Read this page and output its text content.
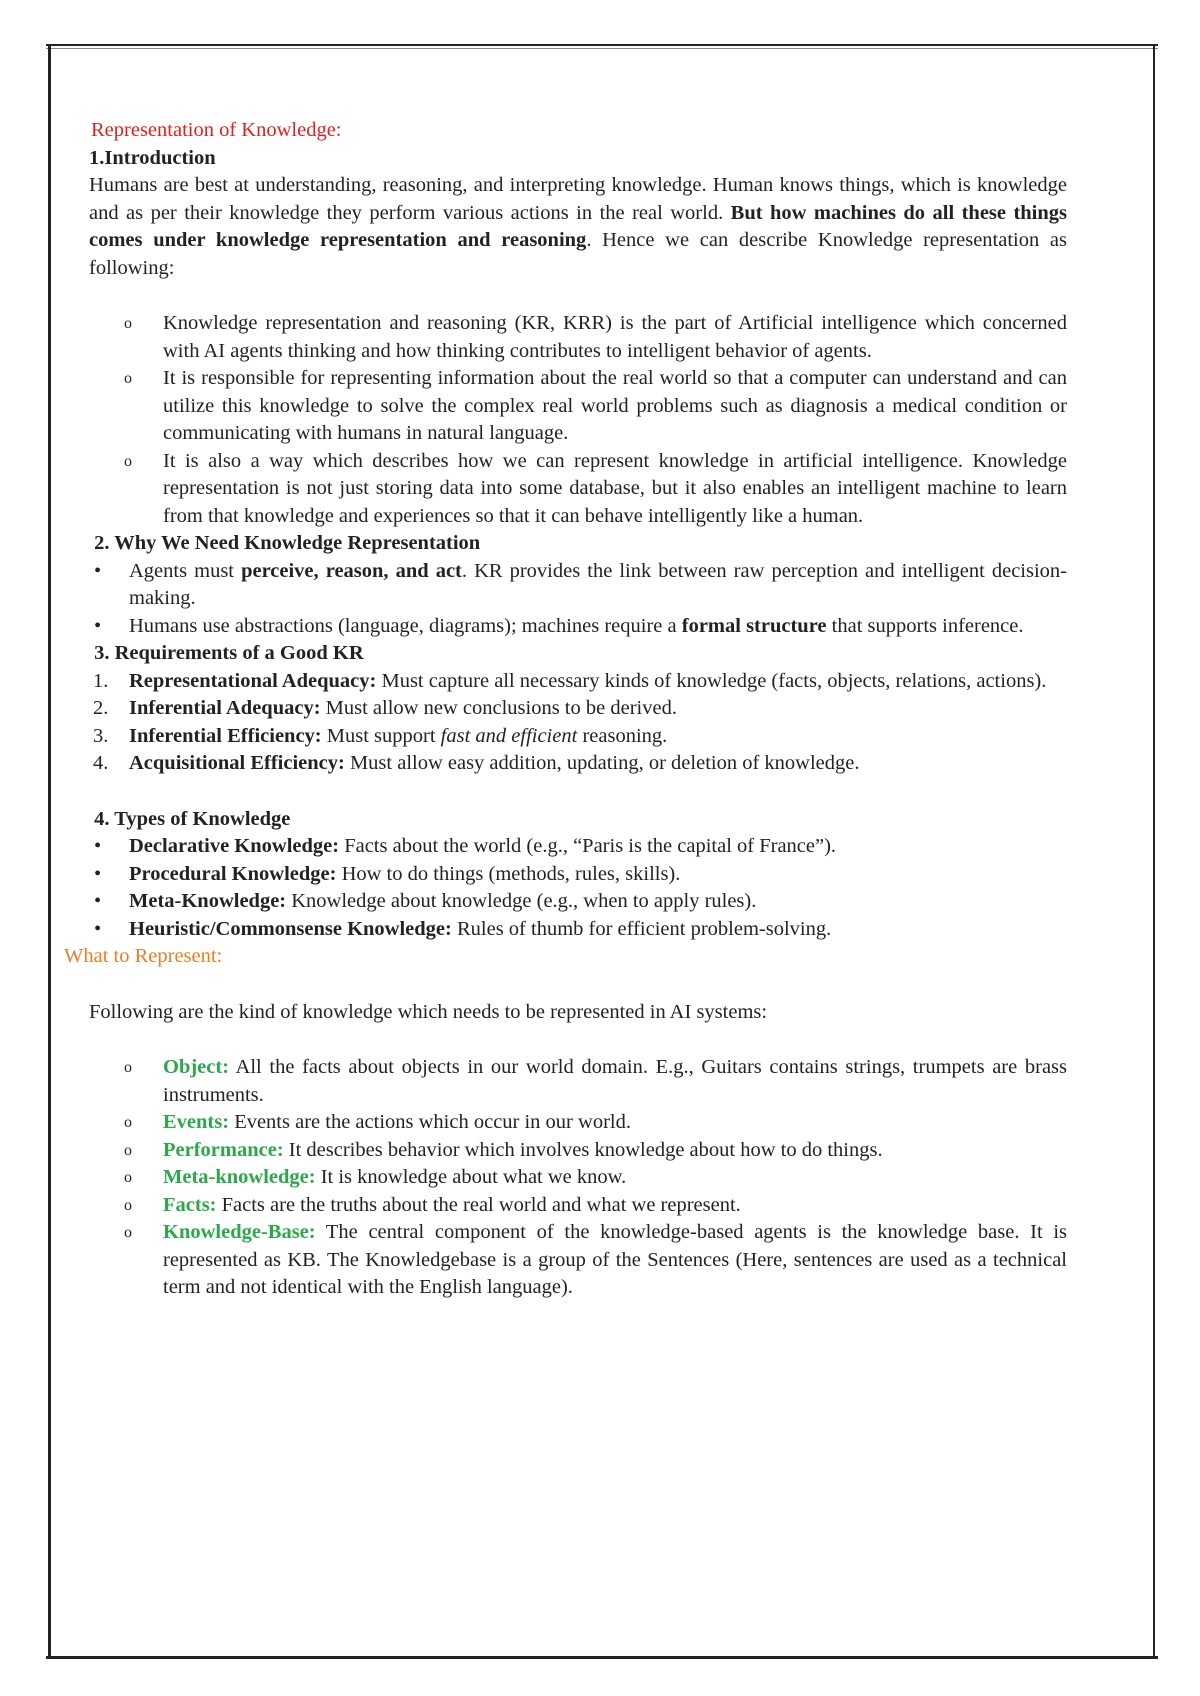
Representation of Knowledge:

1.Introduction

Humans are best at understanding, reasoning, and interpreting knowledge. Human knows things, which is knowledge and as per their knowledge they perform various actions in the real world. But how machines do all these things comes under knowledge representation and reasoning. Hence we can describe Knowledge representation as following:

o Knowledge representation and reasoning (KR, KRR) is the part of Artificial intelligence which concerned with AI agents thinking and how thinking contributes to intelligent behavior of agents.
o It is responsible for representing information about the real world so that a computer can understand and can utilize this knowledge to solve the complex real world problems such as diagnosis a medical condition or communicating with humans in natural language.
o It is also a way which describes how we can represent knowledge in artificial intelligence. Knowledge representation is not just storing data into some database, but it also enables an intelligent machine to learn from that knowledge and experiences so that it can behave intelligently like a human.

2. Why We Need Knowledge Representation

• Agents must perceive, reason, and act. KR provides the link between raw perception and intelligent decision-making.
• Humans use abstractions (language, diagrams); machines require a formal structure that supports inference.

3. Requirements of a Good KR

1. Representational Adequacy: Must capture all necessary kinds of knowledge (facts, objects, relations, actions).
2. Inferential Adequacy: Must allow new conclusions to be derived.
3. Inferential Efficiency: Must support fast and efficient reasoning.
4. Acquisitional Efficiency: Must allow easy addition, updating, or deletion of knowledge.

4. Types of Knowledge

• Declarative Knowledge: Facts about the world (e.g., “Paris is the capital of France”).
• Procedural Knowledge: How to do things (methods, rules, skills).
• Meta-Knowledge: Knowledge about knowledge (e.g., when to apply rules).
• Heuristic/Commonsense Knowledge: Rules of thumb for efficient problem-solving.

What to Represent:

Following are the kind of knowledge which needs to be represented in AI systems:

o Object: All the facts about objects in our world domain. E.g., Guitars contains strings, trumpets are brass instruments.
o Events: Events are the actions which occur in our world.
o Performance: It describes behavior which involves knowledge about how to do things.
o Meta-knowledge: It is knowledge about what we know.
o Facts: Facts are the truths about the real world and what we represent.
o Knowledge-Base: The central component of the knowledge-based agents is the knowledge base. It is represented as KB. The Knowledgebase is a group of the Sentences (Here, sentences are used as a technical term and not identical with the English language).
